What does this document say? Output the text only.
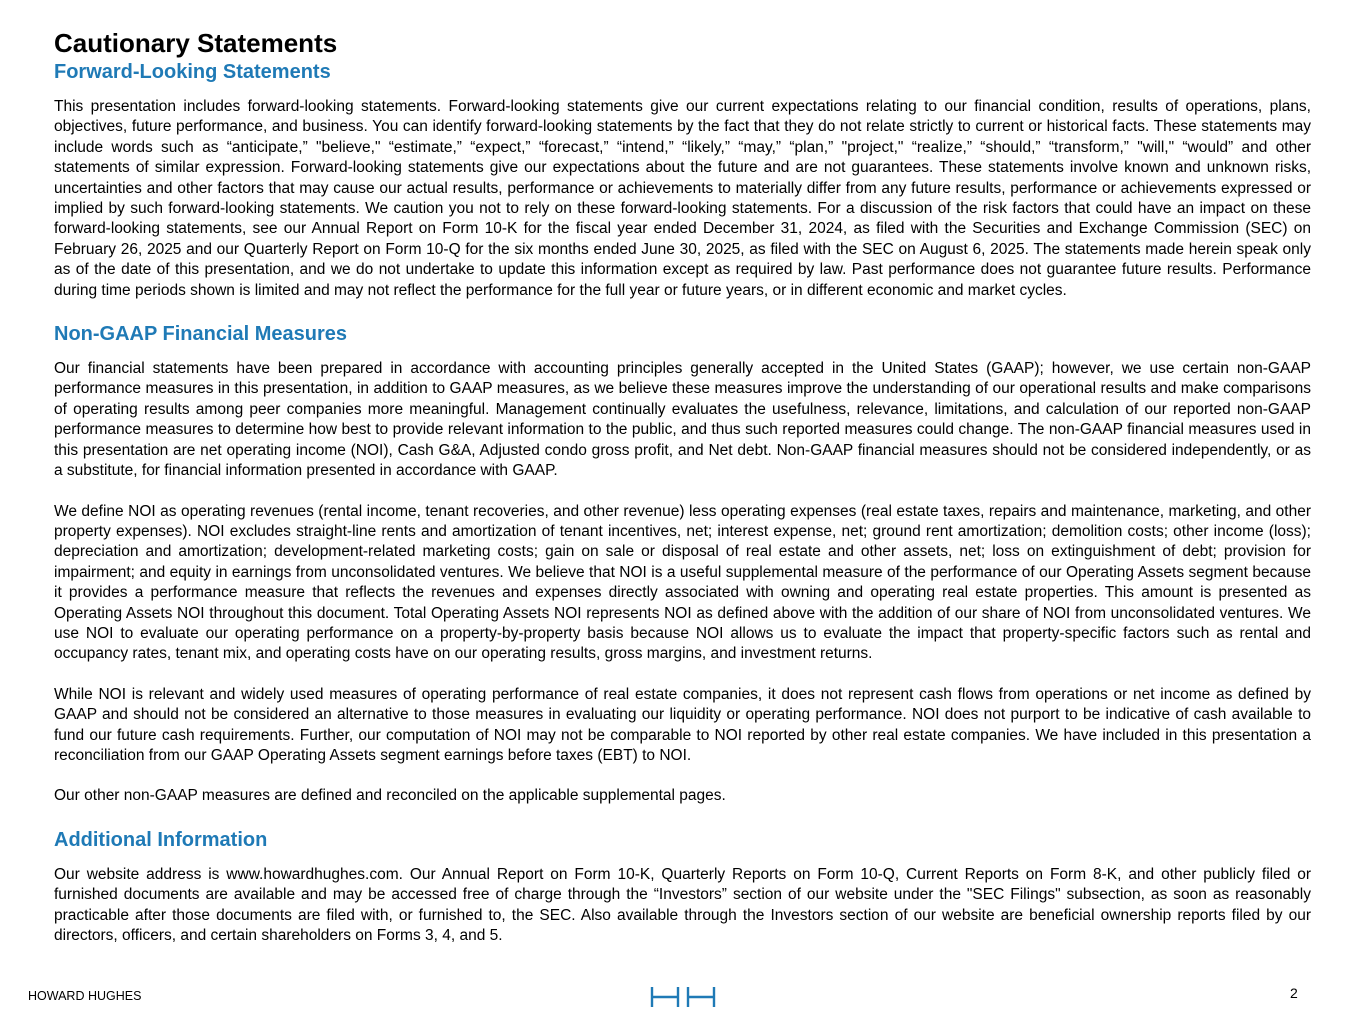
Cautionary Statements
Forward-Looking Statements

This presentation includes forward-looking statements. Forward-looking statements give our current expectations relating to our financial condition, results of operations, plans, objectives, future performance, and business. You can identify forward-looking statements by the fact that they do not relate strictly to current or historical facts. These statements may include words such as “anticipate,” "believe," “estimate,” “expect,” “forecast,” “intend,” “likely,” “may,” “plan,” "project," “realize,” “should,” “transform,” "will," “would” and other statements of similar expression. Forward-looking statements give our expectations about the future and are not guarantees. These statements involve known and unknown risks, uncertainties and other factors that may cause our actual results, performance or achievements to materially differ from any future results, performance or achievements expressed or implied by such forward-looking statements. We caution you not to rely on these forward-looking statements. For a discussion of the risk factors that could have an impact on these forward-looking statements, see our Annual Report on Form 10-K for the fiscal year ended December 31, 2024, as filed with the Securities and Exchange Commission (SEC) on February 26, 2025 and our Quarterly Report on Form 10-Q for the six months ended June 30, 2025, as filed with the SEC on August 6, 2025. The statements made herein speak only as of the date of this presentation, and we do not undertake to update this information except as required by law. Past performance does not guarantee future results. Performance during time periods shown is limited and may not reflect the performance for the full year or future years, or in different economic and market cycles.

Non-GAAP Financial Measures

Our financial statements have been prepared in accordance with accounting principles generally accepted in the United States (GAAP); however, we use certain non-GAAP performance measures in this presentation, in addition to GAAP measures, as we believe these measures improve the understanding of our operational results and make comparisons of operating results among peer companies more meaningful. Management continually evaluates the usefulness, relevance, limitations, and calculation of our reported non-GAAP performance measures to determine how best to provide relevant information to the public, and thus such reported measures could change. The non-GAAP financial measures used in this presentation are net operating income (NOI), Cash G&A, Adjusted condo gross profit, and Net debt. Non-GAAP financial measures should not be considered independently, or as a substitute, for financial information presented in accordance with GAAP.

We define NOI as operating revenues (rental income, tenant recoveries, and other revenue) less operating expenses (real estate taxes, repairs and maintenance, marketing, and other property expenses). NOI excludes straight-line rents and amortization of tenant incentives, net; interest expense, net; ground rent amortization; demolition costs; other income (loss); depreciation and amortization; development-related marketing costs; gain on sale or disposal of real estate and other assets, net; loss on extinguishment of debt; provision for impairment; and equity in earnings from unconsolidated ventures. We believe that NOI is a useful supplemental measure of the performance of our Operating Assets segment because it provides a performance measure that reflects the revenues and expenses directly associated with owning and operating real estate properties. This amount is presented as Operating Assets NOI throughout this document. Total Operating Assets NOI represents NOI as defined above with the addition of our share of NOI from unconsolidated ventures. We use NOI to evaluate our operating performance on a property-by-property basis because NOI allows us to evaluate the impact that property-specific factors such as rental and occupancy rates, tenant mix, and operating costs have on our operating results, gross margins, and investment returns.

While NOI is relevant and widely used measures of operating performance of real estate companies, it does not represent cash flows from operations or net income as defined by GAAP and should not be considered an alternative to those measures in evaluating our liquidity or operating performance. NOI does not purport to be indicative of cash available to fund our future cash requirements. Further, our computation of NOI may not be comparable to NOI reported by other real estate companies. We have included in this presentation a reconciliation from our GAAP Operating Assets segment earnings before taxes (EBT) to NOI.

Our other non-GAAP measures are defined and reconciled on the applicable supplemental pages.

Additional Information

Our website address is www.howardhughes.com. Our Annual Report on Form 10-K, Quarterly Reports on Form 10-Q, Current Reports on Form 8-K, and other publicly filed or furnished documents are available and may be accessed free of charge through the “Investors” section of our website under the "SEC Filings" subsection, as soon as reasonably practicable after those documents are filed with, or furnished to, the SEC. Also available through the Investors section of our website are beneficial ownership reports filed by our directors, officers, and certain shareholders on Forms 3, 4, and 5.

HOWARD HUGHES	2
